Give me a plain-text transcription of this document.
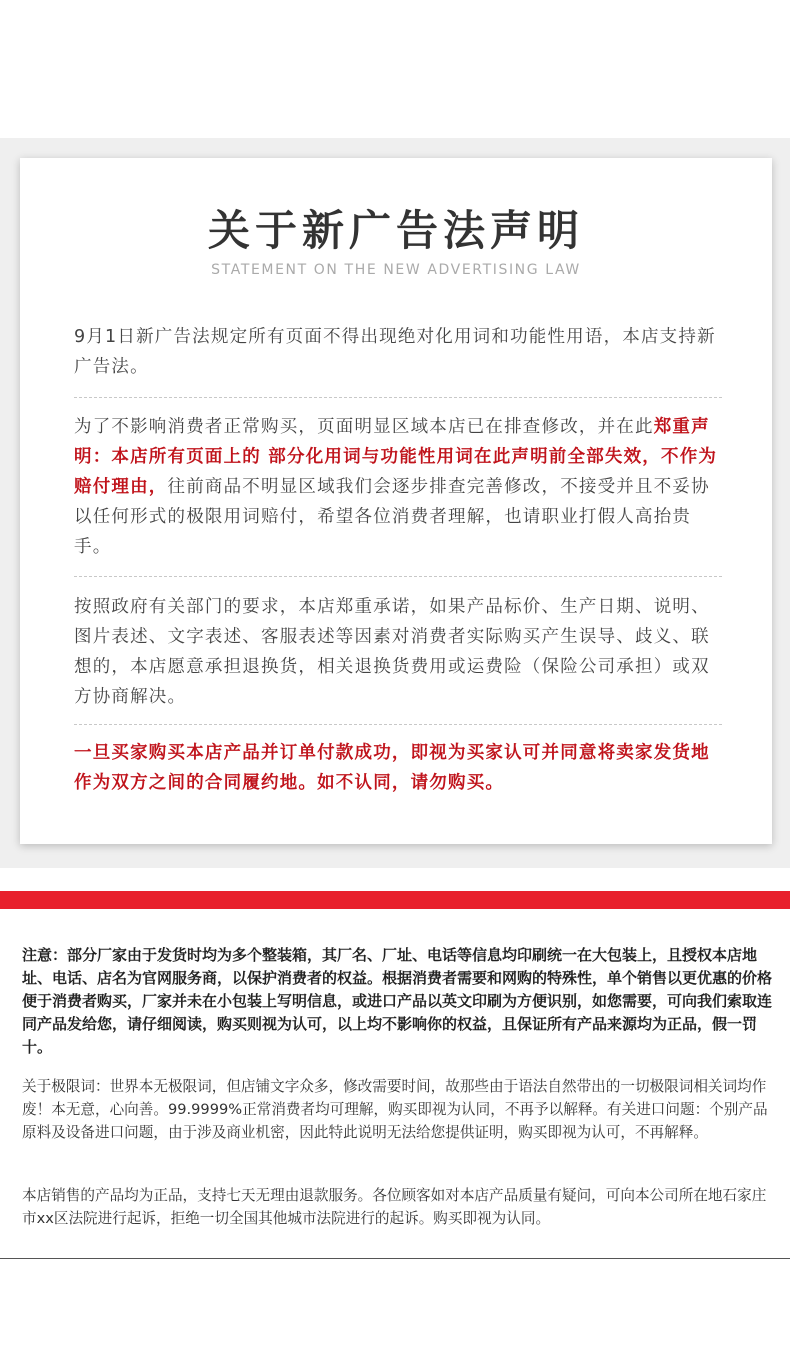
关于新广告法声明
STATEMENT ON THE NEW ADVERTISING LAW
9月1日新广告法规定所有页面不得出现绝对化用词和功能性用语，本店支持新广告法。
为了不影响消费者正常购买，页面明显区域本店已在排查修改，并在此郑重声明：本店所有页面上的 部分化用词与功能性用词在此声明前全部失效，不作为赔付理由，往前商品不明显区域我们会逐步排查完善修改，不接受并且不妥协以任何形式的极限用词赔付，希望各位消费者理解，也请职业打假人高抬贵手。
按照政府有关部门的要求，本店郑重承诺，如果产品标价、生产日期、说明、图片表述、文字表述、客服表述等因素对消费者实际购买产生误导、歧义、联想的，本店愿意承担退换货，相关退换货费用或运费险（保险公司承担）或双方协商解决。
一旦买家购买本店产品并订单付款成功，即视为买家认可并同意将卖家发货地作为双方之间的合同履约地。如不认同，请勿购买。
注意：部分厂家由于发货时均为多个整装箱，其厂名、厂址、电话等信息均印刷统一在大包装上，且授权本店地址、电话、店名为官网服务商，以保护消费者的权益。根据消费者需要和网购的特殊性，单个销售以更优惠的价格便于消费者购买，厂家并未在小包装上写明信息，或进口产品以英文印刷为方便识别，如您需要，可向我们索取连同产品发给您，请仔细阅读，购买则视为认可，以上均不影响你的权益，且保证所有产品来源均为正品，假一罚十。
关于极限词：世界本无极限词，但店铺文字众多，修改需要时间，故那些由于语法自然带出的一切极限词相关词均作废！本无意，心向善。99.9999%正常消费者均可理解，购买即视为认同，不再予以解释。有关进口问题：个别产品原料及设备进口问题，由于涉及商业机密，因此特此说明无法给您提供证明，购买即视为认可，不再解释。
本店销售的产品均为正品，支持七天无理由退款服务。各位顾客如对本店产品质量有疑问，可向本公司所在地石家庄市xx区法院进行起诉，拒绝一切全国其他城市法院进行的起诉。购买即视为认同。
